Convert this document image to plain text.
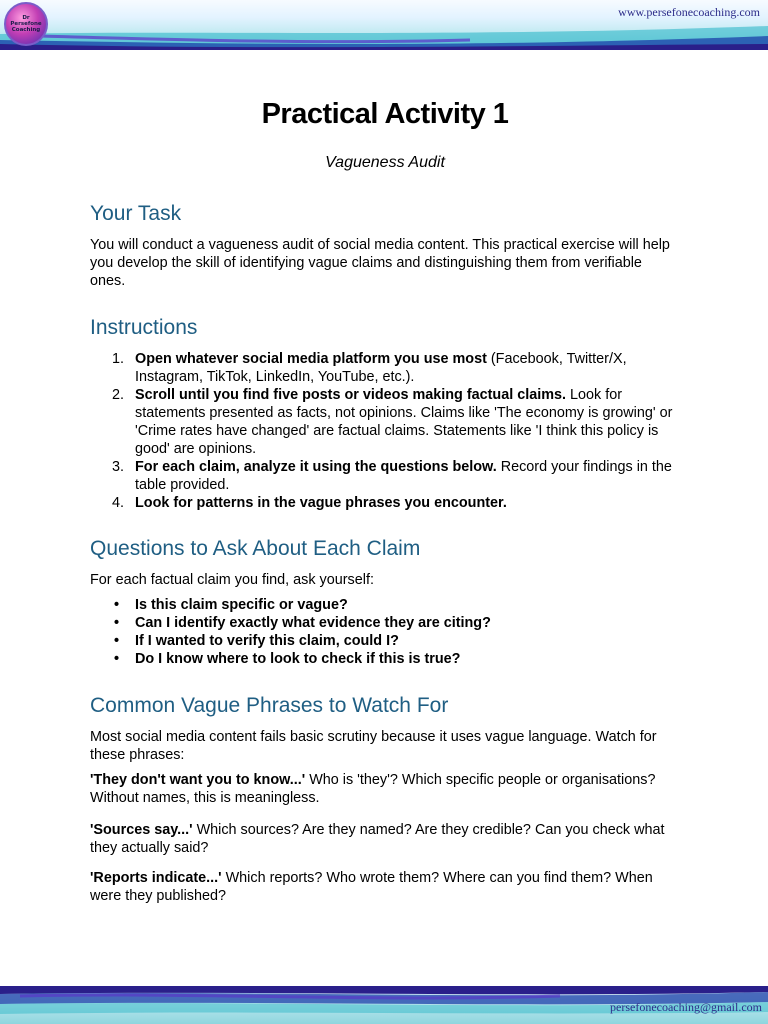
Dr
Persefone
Coaching
www.persefonecoaching.com
Practical Activity 1

Vagueness Audit

Your Task

You will conduct a vagueness audit of social media content. This practical exercise will help you develop the skill of identifying vague claims and distinguishing them from verifiable ones.

Instructions
1. Open whatever social media platform you use most (Facebook, Twitter/X, Instagram, TikTok, LinkedIn, YouTube, etc.).
2. Scroll until you find five posts or videos making factual claims. Look for statements presented as facts, not opinions. Claims like 'The economy is growing' or 'Crime rates have changed' are factual claims. Statements like 'I think this policy is good' are opinions.
3. For each claim, analyze it using the questions below. Record your findings in the table provided.
4. Look for patterns in the vague phrases you encounter.
Questions to Ask About Each Claim

For each factual claim you find, ask yourself:

• Is this claim specific or vague?
• Can I identify exactly what evidence they are citing?
• If I wanted to verify this claim, could I?
• Do I know where to look to check if this is true?
Common Vague Phrases to Watch For

Most social media content fails basic scrutiny because it uses vague language. Watch for these phrases:

'They don't want you to know...' Who is 'they'? Which specific people or organisations? Without names, this is meaningless.

'Sources say...' Which sources? Are they named? Are they credible? Can you check what they actually said?

'Reports indicate...' Which reports? Who wrote them? Where can you find them? When were they published?

persefonecoaching@gmail.com
